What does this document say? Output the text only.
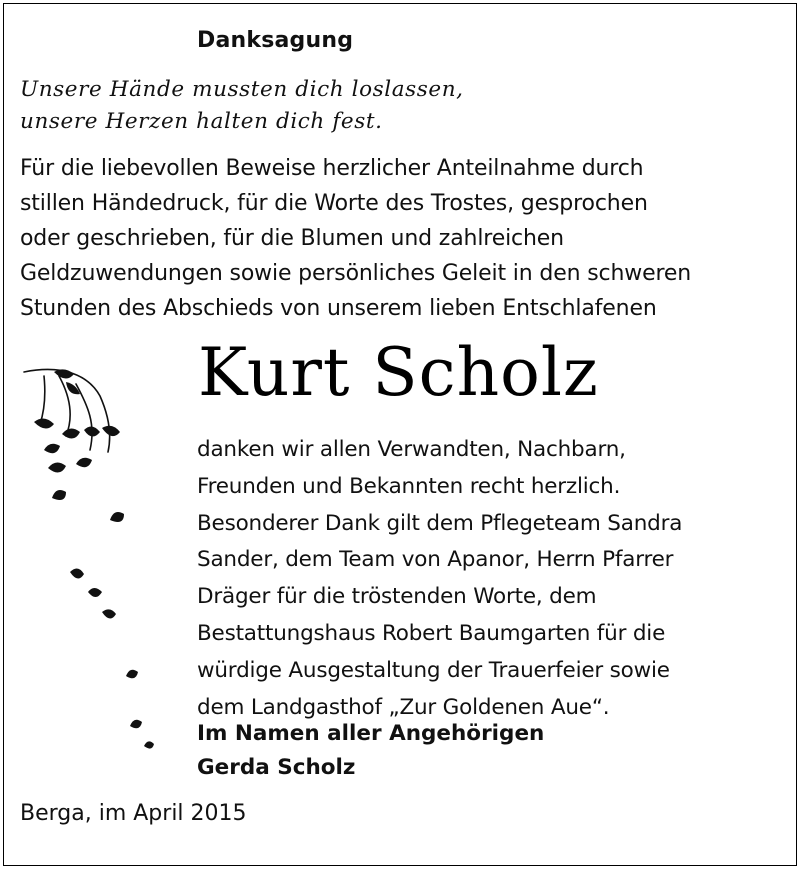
Danksagung
Unsere Hände mussten dich loslassen,
unsere Herzen halten dich fest.
Für die liebevollen Beweise herzlicher Anteilnahme durch
stillen Händedruck, für die Worte des Trostes, gesprochen
oder geschrieben, für die Blumen und zahlreichen
Geldzuwendungen sowie persönliches Geleit in den schweren
Stunden des Abschieds von unserem lieben Entschlafenen
Kurt Scholz
danken wir allen Verwandten, Nachbarn,
Freunden und Bekannten recht herzlich.
Besonderer Dank gilt dem Pflegeteam Sandra
Sander, dem Team von Apanor, Herrn Pfarrer
Dräger für die tröstenden Worte, dem
Bestattungshaus Robert Baumgarten für die
würdige Ausgestaltung der Trauerfeier sowie
dem Landgasthof „Zur Goldenen Aue“.
Im Namen aller Angehörigen
Gerda Scholz
Berga, im April 2015
